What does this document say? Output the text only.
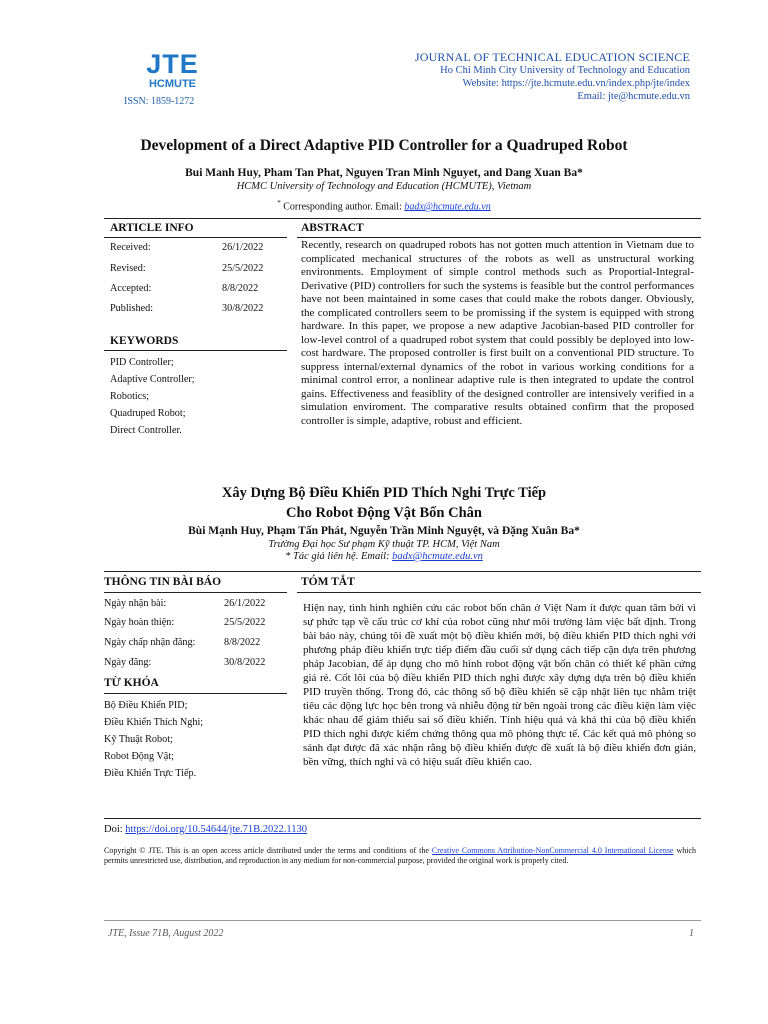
JTE
HCMUTE
ISSN: 1859-1272
JOURNAL OF TECHNICAL EDUCATION SCIENCE
Ho Chi Minh City University of Technology and Education
Website: https://jte.hcmute.edu.vn/index.php/jte/index
Email: jte@hcmute.edu.vn
Development of a Direct Adaptive PID Controller for a Quadruped Robot
Bui Manh Huy, Pham Tan Phat, Nguyen Tran Minh Nguyet, and Dang Xuan Ba*
HCMC University of Technology and Education (HCMUTE), Vietnam
* Corresponding author. Email: badx@hcmute.edu.vn
ARTICLE INFO
Received:	26/1/2022
Revised:	25/5/2022
Accepted:	8/8/2022
Published:	30/8/2022
KEYWORDS
PID Controller;
Adaptive Controller;
Robotics;
Quadruped Robot;
Direct Controller.
ABSTRACT
Recently, research on quadruped robots has not gotten much attention in Vietnam due to complicated mechanical structures of the robots as well as unstructural working environments. Employment of simple control methods such as Proportial-Integral-Derivative (PID) controllers for such the systems is feasible but the control performances have not been maintained in some cases that could make the robots danger. Obviously, the complicated controllers seem to be promissing if the system is equipped with strong hardware. In this paper, we propose a new adaptive Jacobian-based PID controller for low-level control of a quadruped robot system that could possibly be deployed into low-cost hardware. The proposed controller is first built on a conventional PID structure. To suppress internal/external dynamics of the robot in various working conditions for a minimal control error, a nonlinear adaptive rule is then integrated to update the control gains. Effectiveness and feasiblity of the designed controller are intensively verified in a simulation enviroment. The comparative results obtained confirm that the proposed controller is simple, adaptive, robust and efficient.
Xây Dựng Bộ Điều Khiển PID Thích Nghi Trực Tiếp
Cho Robot Động Vật Bốn Chân
Bùi Mạnh Huy, Phạm Tấn Phát, Nguyễn Trần Minh Nguyệt, và Đặng Xuân Ba*
Trường Đại học Sư phạm Kỹ thuật TP. HCM, Việt Nam
* Tác giả liên hệ. Email: badx@hcmute.edu.vn
THÔNG TIN BÀI BÁO
Ngày nhận bài:	26/1/2022
Ngày hoàn thiện:	25/5/2022
Ngày chấp nhận đăng:	8/8/2022
Ngày đăng:	30/8/2022
TỪ KHÓA
Bộ Điều Khiển PID;
Điều Khiển Thích Nghi;
Kỹ Thuật Robot;
Robot Động Vật;
Điều Khiển Trực Tiếp.
TÓM TẮT
Hiện nay, tình hình nghiên cứu các robot bốn chân ở Việt Nam ít được quan tâm bởi vì sự phức tạp về cấu trúc cơ khí của robot cũng như môi trường làm việc bất định. Trong bài báo này, chúng tôi đề xuất một bộ điều khiển mới, bộ điều khiển PID thích nghi với phương pháp điều khiển trực tiếp điểm đầu cuối sử dụng cách tiếp cận dựa trên phương pháp Jacobian, để áp dụng cho mô hình robot động vật bốn chân có thiết kế phần cứng giá rẻ. Cốt lõi của bộ điều khiển PID thích nghi được xây dựng dựa trên bộ điều khiển PID truyền thống. Trong đó, các thông số bộ điều khiển sẽ cập nhật liên tục nhằm triệt tiêu các động lực học bên trong và nhiễu động từ bên ngoài trong các điều kiện làm việc khác nhau để giảm thiểu sai số điều khiển. Tính hiệu quả và khả thi của bộ điều khiển PID thích nghi được kiểm chứng thông qua mô phỏng thực tế. Các kết quả mô phỏng so sánh đạt được đã xác nhận rằng bộ điều khiển được đề xuất là bộ điều khiển đơn giản, bền vững, thích nghi và có hiệu suất điều khiển cao.
Doi: https://doi.org/10.54644/jte.71B.2022.1130
Copyright © JTE. This is an open access article distributed under the terms and conditions of the Creative Commons Attribution-NonCommercial 4.0 International License which permits unrestricted use, distribution, and reproduction in any medium for non-commercial purpose, provided the original work is properly cited.
JTE, Issue 71B, August 2022	1
